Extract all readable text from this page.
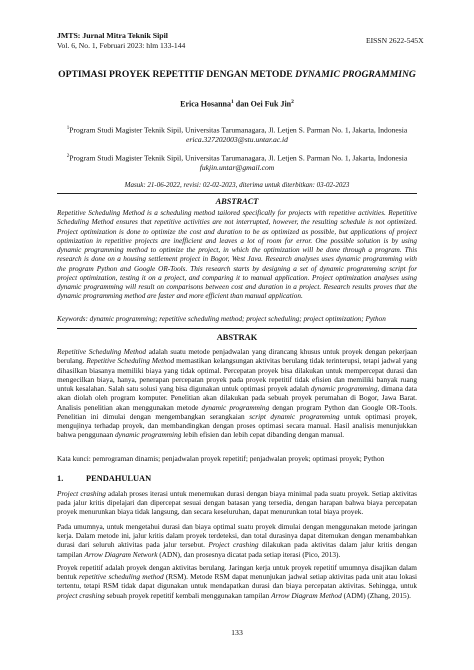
JMTS: Jurnal Mitra Teknik Sipil
Vol. 6, No. 1, Februari 2023: hlm 133-144
EISSN 2622-545X
OPTIMASI PROYEK REPETITIF DENGAN METODE DYNAMIC PROGRAMMING
Erica Hosanna$^1$ dan Oei Fuk Jin$^2$
$^1$Program Studi Magister Teknik Sipil, Universitas Tarumanagara, Jl. Letjen S. Parman No. 1, Jakarta, Indonesia
erica.327202003@stu.untar.ac.id
$^2$Program Studi Magister Teknik Sipil, Universitas Tarumanagara, Jl. Letjen S. Parman No. 1, Jakarta, Indonesia
fukjin.untar@gmail.com
Masuk: 21-06-2022, revisi: 02-02-2023, diterima untuk diterbitkan: 03-02-2023
ABSTRACT
Repetitive Scheduling Method is a scheduling method tailored specifically for projects with repetitive activities. Repetitive Scheduling Method ensures that repetitive activities are not interrupted, however, the resulting schedule is not optimized. Project optimization is done to optimize the cost and duration to be as optimized as possible, but applications of project optimization in repetitive projects are inefficient and leaves a lot of room for error. One possible solution is by using dynamic programming method to optimize the project, in which the optimization will be done through a program. This research is done on a housing settlement project in Bogor, West Java. Research analyses uses dynamic programming with the program Python and Google OR-Tools. This research starts by designing a set of dynamic programming script for project optimization, testing it on a project, and comparing it to manual application. Project optimization analyses using dynamic programming will result on comparisons between cost and duration in a project. Research results proves that the dynamic programming method are faster and more efficient than manual application.
Keywords: dynamic programming; repetitive scheduling method; project scheduling; project optimization; Python
ABSTRAK
Repetitive Scheduling Method adalah suatu metode penjadwalan yang dirancang khusus untuk proyek dengan pekerjaan berulang. Repetitive Scheduling Method memastikan kelangsungan aktivitas berulang tidak terinterupsi, tetapi jadwal yang dihasilkan biasanya memiliki biaya yang tidak optimal. Percepatan proyek bisa dilakukan untuk mempercepat durasi dan mengecilkan biaya, hanya, penerapan percepatan proyek pada proyek repetitif tidak efisien dan memiliki banyak ruang untuk kesalahan. Salah satu solusi yang bisa digunakan untuk optimasi proyek adalah dynamic programming, dimana data akan diolah oleh program komputer. Penelitian akan dilakukan pada sebuah proyek perumahan di Bogor, Jawa Barat. Analisis penelitian akan menggunakan metode dynamic programming dengan program Python dan Google OR-Tools. Penelitian ini dimulai dengan mengembangkan serangkaian script dynamic programming untuk optimasi proyek, mengujinya terhadap proyek, dan membandingkan dengan proses optimasi secara manual. Hasil analisis menunjukkan bahwa penggunaan dynamic programming lebih efisien dan lebih cepat dibanding dengan manual.
Kata kunci: pemrograman dinamis; penjadwalan proyek repetitif; penjadwalan proyek; optimasi proyek; Python
1.	PENDAHULUAN
Project crashing adalah proses iterasi untuk menemukan durasi dengan biaya minimal pada suatu proyek. Setiap aktivitas pada jalur kritis dipelajari dan dipercepat sesuai dengan batasan yang tersedia, dengan harapan bahwa biaya percepatan proyek menurunkan biaya tidak langsung, dan secara keseluruhan, dapat menurunkan total biaya proyek.
Pada umumnya, untuk mengetahui durasi dan biaya optimal suatu proyek dimulai dengan menggunakan metode jaringan kerja. Dalam metode ini, jalur kritis dalam proyek terdeteksi, dan total durasinya dapat ditemukan dengan menambahkan durasi dari seluruh aktivitas pada jalur tersebut. Project crashing dilakukan pada aktivitas dalam jalur kritis dengan tampilan Arrow Diagram Network (ADN), dan prosesnya dicatat pada setiap iterasi (Pico, 2013).
Proyek repetitif adalah proyek dengan aktivitas berulang. Jaringan kerja untuk proyek repetitif umumnya disajikan dalam bentuk repetitive scheduling method (RSM). Metode RSM dapat menunjukan jadwal setiap aktivitas pada unit atau lokasi tertentu, tetapi RSM tidak dapat digunakan untuk mendapatkan durasi dan biaya percepatan aktivitas. Sehingga, untuk project crashing sebuah proyek repetitif kembali menggunakan tampilan Arrow Diagram Method (ADM) (Zhang, 2015).
133
